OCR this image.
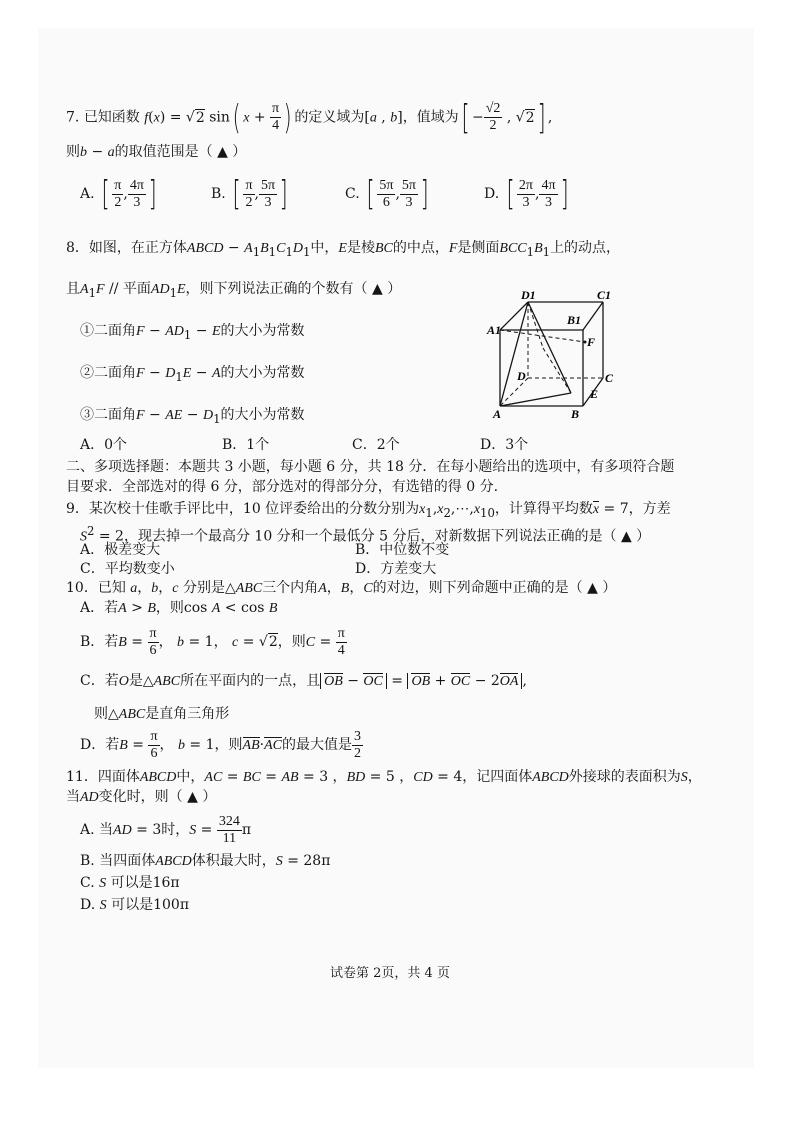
7. 已知函数 f(x) = √2 sin( $x + \frac{\pi}{4}$ ) 的定义域为[a , b]，值域为[ − $\frac{√2}{2}$ , √2] ,
则b − a的取值范围是（ ▲ ）
A. [ $\frac{\pi}{2}$ , $\frac{4\pi}{3}$ ]	B. [ $\frac{\pi}{2}$ , $\frac{5\pi}{3}$ ]	C. [ $\frac{5\pi}{6}$ , $\frac{5\pi}{3}$ ]	D. [ $\frac{2\pi}{3}$ , $\frac{4\pi}{3}$ ]
8．如图，在正方体ABCD − $A_1B_1C_1D_1$中，E是棱BC的中点，F是侧面$BCC_1B_1$上的动点，
且$A_1F$ // 平面$AD_1E$，则下列说法正确的个数有（ ▲ ）
①二面角$F - AD_1 - E$的大小为常数
②二面角$F - D_1E - A$的大小为常数
③二面角F − AE − $D_1$的大小为常数
A．0个	B．1个	C．2个	D．3个
D1	C1
A1
B1
F
D	C
E
A	B
二、多项选择题：本题共 3 小题，每小题 6 分，共 18 分．在每小题给出的选项中，有多项符合题
目要求．全部选对的得 6 分，部分选对的得部分分，有选错的得 0 分.
9．某次校十佳歌手评比中，10 位评委给出的分数分别为$x_1,x_2,\cdots,x_{10}$，计算得平均数x = 7，方差
$S^2 = 2$，现去掉一个最高分 10 分和一个最低分 5 分后，对新数据下列说法正确的是（ ▲ ）
A．极差变大	B．中位数不变
C．平均数变小	D．方差变大
10．已知 a，b，c 分别是△ABC三个内角A，B，C的对边，则下列命题中正确的是（ ▲ ）
A．若A > B，则cos A < cos B
B．若$B = \frac{\pi}{6}$ ， b = 1， c = √2，则$C = \frac{\pi}{4}$
C．若O是△ABC所在平面内的一点，且 OB − OC = OB + OC − 2OA ,
则△ABC是直角三角形
D．若$B = \frac{\pi}{6}$ ， b = 1，则AB·AC的最大值是 $\frac{3}{2}$
11．四面体ABCD中，AC = BC = AB = 3 ，BD = 5 ，CD = 4，记四面体ABCD外接球的表面积为S，
当AD变化时，则（ ▲ ）
A. 当AD = 3时，$S = \frac{324}{11}$ π
B. 当四面体ABCD体积最大时，S = 28π
C. S 可以是16π
D. S 可以是100π
试卷第 2页，共 4 页
